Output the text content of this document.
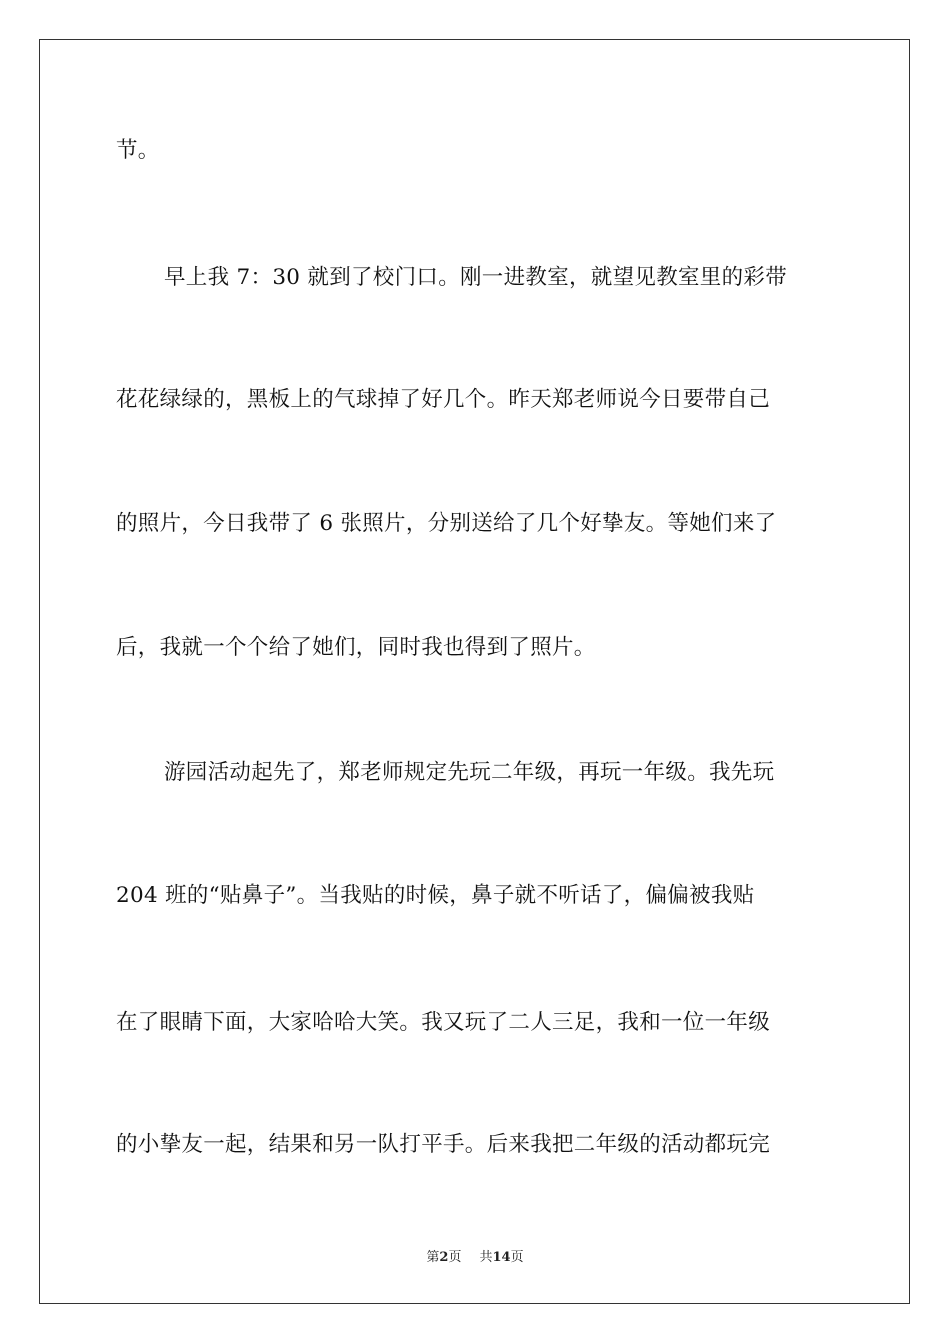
节。
早上我 7：30 就到了校门口。刚一进教室，就望见教室里的彩带
花花绿绿的，黑板上的气球掉了好几个。昨天郑老师说今日要带自己
的照片，今日我带了 6 张照片，分别送给了几个好挚友。等她们来了
后，我就一个个给了她们，同时我也得到了照片。
游园活动起先了，郑老师规定先玩二年级，再玩一年级。我先玩
204 班的“贴鼻子”。当我贴的时候，鼻子就不听话了，偏偏被我贴
在了眼睛下面，大家哈哈大笑。我又玩了二人三足，我和一位一年级
的小挚友一起，结果和另一队打平手。后来我把二年级的活动都玩完
第2页 共14页
